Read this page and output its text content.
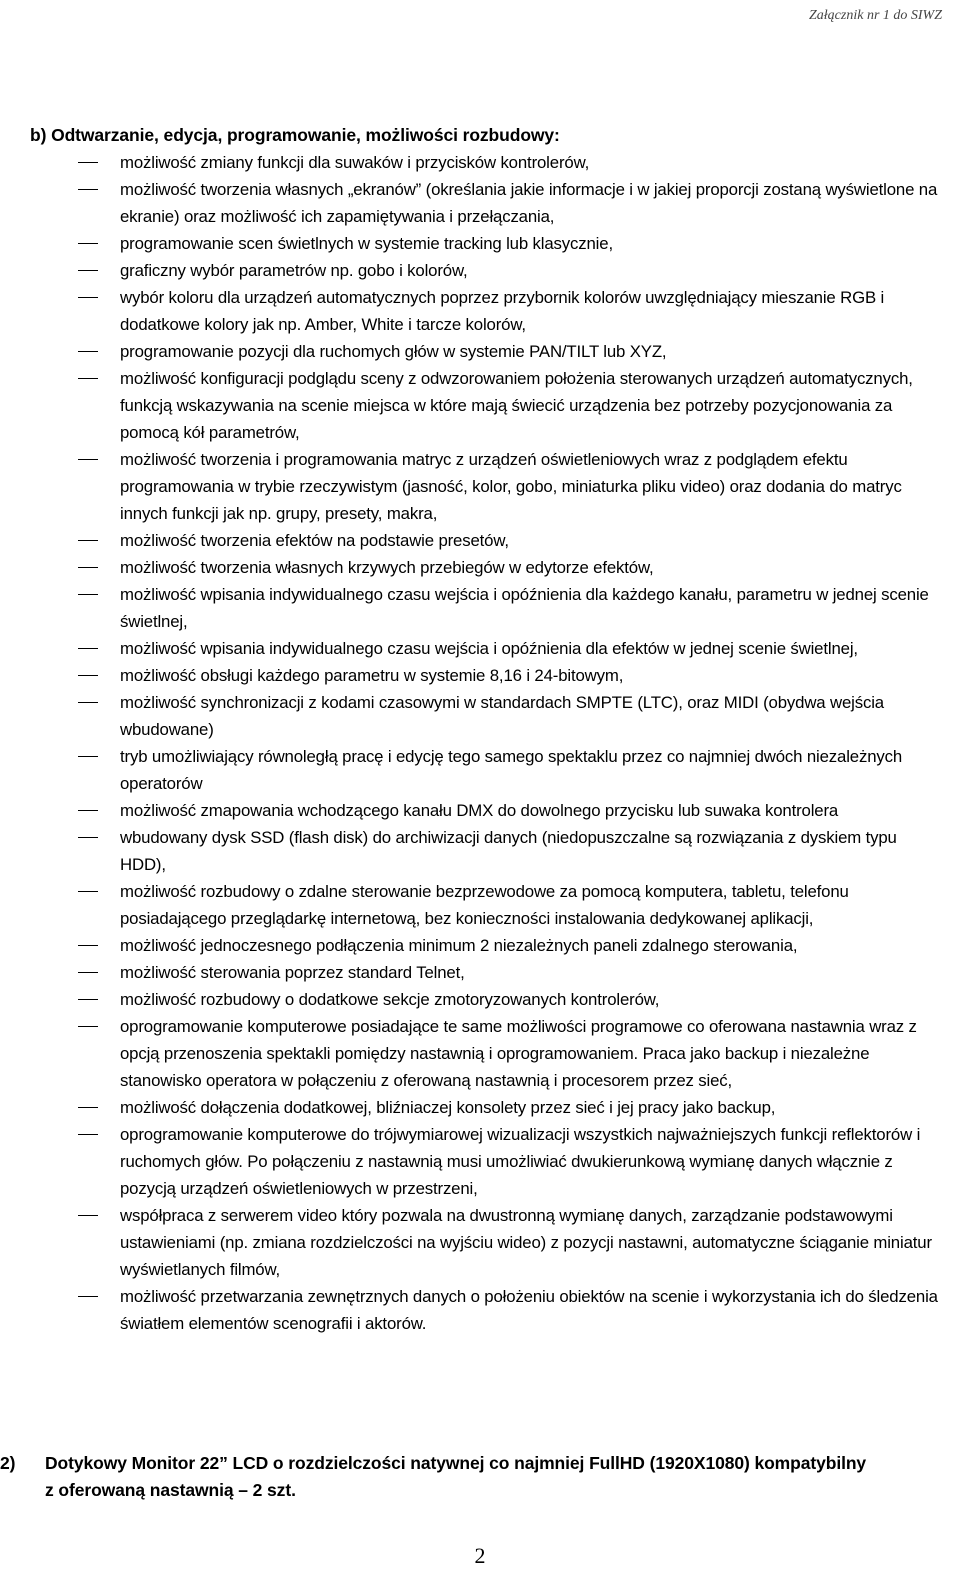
Załącznik nr 1 do SIWZ
b) Odtwarzanie, edycja, programowanie, możliwości rozbudowy:
możliwość zmiany funkcji dla suwaków i przycisków kontrolerów,
możliwość tworzenia własnych „ekranów” (określania jakie informacje i w jakiej proporcji zostaną wyświetlone na ekranie) oraz możliwość ich zapamiętywania i przełączania,
programowanie scen świetlnych w systemie tracking lub klasycznie,
graficzny wybór parametrów np. gobo i kolorów,
wybór koloru dla urządzeń automatycznych poprzez przybornik kolorów uwzględniający mieszanie RGB i dodatkowe kolory jak np. Amber, White i tarcze kolorów,
programowanie pozycji dla ruchomych głów w systemie PAN/TILT lub XYZ,
możliwość konfiguracji podglądu sceny z odwzorowaniem położenia sterowanych urządzeń automatycznych, funkcją wskazywania na scenie miejsca w które mają świecić urządzenia bez potrzeby pozycjonowania za pomocą kół parametrów,
możliwość tworzenia i programowania matryc z urządzeń oświetleniowych wraz z podglądem efektu programowania w trybie rzeczywistym (jasność, kolor, gobo, miniaturka pliku video) oraz dodania do matryc innych funkcji jak np. grupy, presety, makra,
możliwość tworzenia efektów na podstawie presetów,
możliwość tworzenia własnych krzywych przebiegów w edytorze efektów,
możliwość wpisania indywidualnego czasu wejścia i opóźnienia dla każdego kanału, parametru w jednej scenie świetlnej,
możliwość wpisania indywidualnego czasu wejścia i opóźnienia dla efektów w jednej scenie świetlnej,
możliwość obsługi każdego parametru w systemie 8,16 i 24-bitowym,
możliwość synchronizacji z kodami czasowymi w standardach SMPTE (LTC), oraz MIDI (obydwa wejścia wbudowane)
tryb umożliwiający równoległą pracę i edycję tego samego spektaklu przez co najmniej dwóch niezależnych operatorów
możliwość zmapowania wchodzącego kanału DMX do dowolnego przycisku lub suwaka kontrolera
wbudowany dysk SSD (flash disk) do archiwizacji danych (niedopuszczalne są rozwiązania z dyskiem typu HDD),
możliwość rozbudowy o zdalne sterowanie bezprzewodowe za pomocą komputera, tabletu, telefonu posiadającego przeglądarkę internetową, bez konieczności instalowania dedykowanej aplikacji,
możliwość jednoczesnego podłączenia minimum 2 niezależnych paneli zdalnego sterowania,
możliwość sterowania poprzez standard Telnet,
możliwość rozbudowy o dodatkowe sekcje zmotoryzowanych kontrolerów,
oprogramowanie komputerowe posiadające te same możliwości programowe co oferowana nastawnia wraz z opcją przenoszenia spektakli pomiędzy nastawnią i oprogramowaniem. Praca jako backup i niezależne stanowisko operatora w połączeniu z oferowaną nastawnią i procesorem przez sieć,
możliwość dołączenia dodatkowej, bliźniaczej konsolety przez sieć i jej pracy jako backup,
oprogramowanie komputerowe do trójwymiarowej wizualizacji wszystkich najważniejszych funkcji reflektorów i ruchomych głów. Po połączeniu z nastawnią musi umożliwiać dwukierunkową wymianę danych włącznie z pozycją urządzeń oświetleniowych w przestrzeni,
współpraca z serwerem video który pozwala na dwustronną wymianę danych, zarządzanie podstawowymi ustawieniami (np. zmiana rozdzielczości na wyjściu wideo) z pozycji nastawni, automatyczne ściąganie miniatur wyświetlanych filmów,
możliwość przetwarzania zewnętrznych danych o położeniu obiektów na scenie i wykorzystania ich do śledzenia światłem elementów scenografii i aktorów.
2) Dotykowy Monitor 22” LCD o rozdzielczości natywnej co najmniej FullHD (1920X1080) kompatybilny
z oferowaną nastawnią – 2 szt.
2
